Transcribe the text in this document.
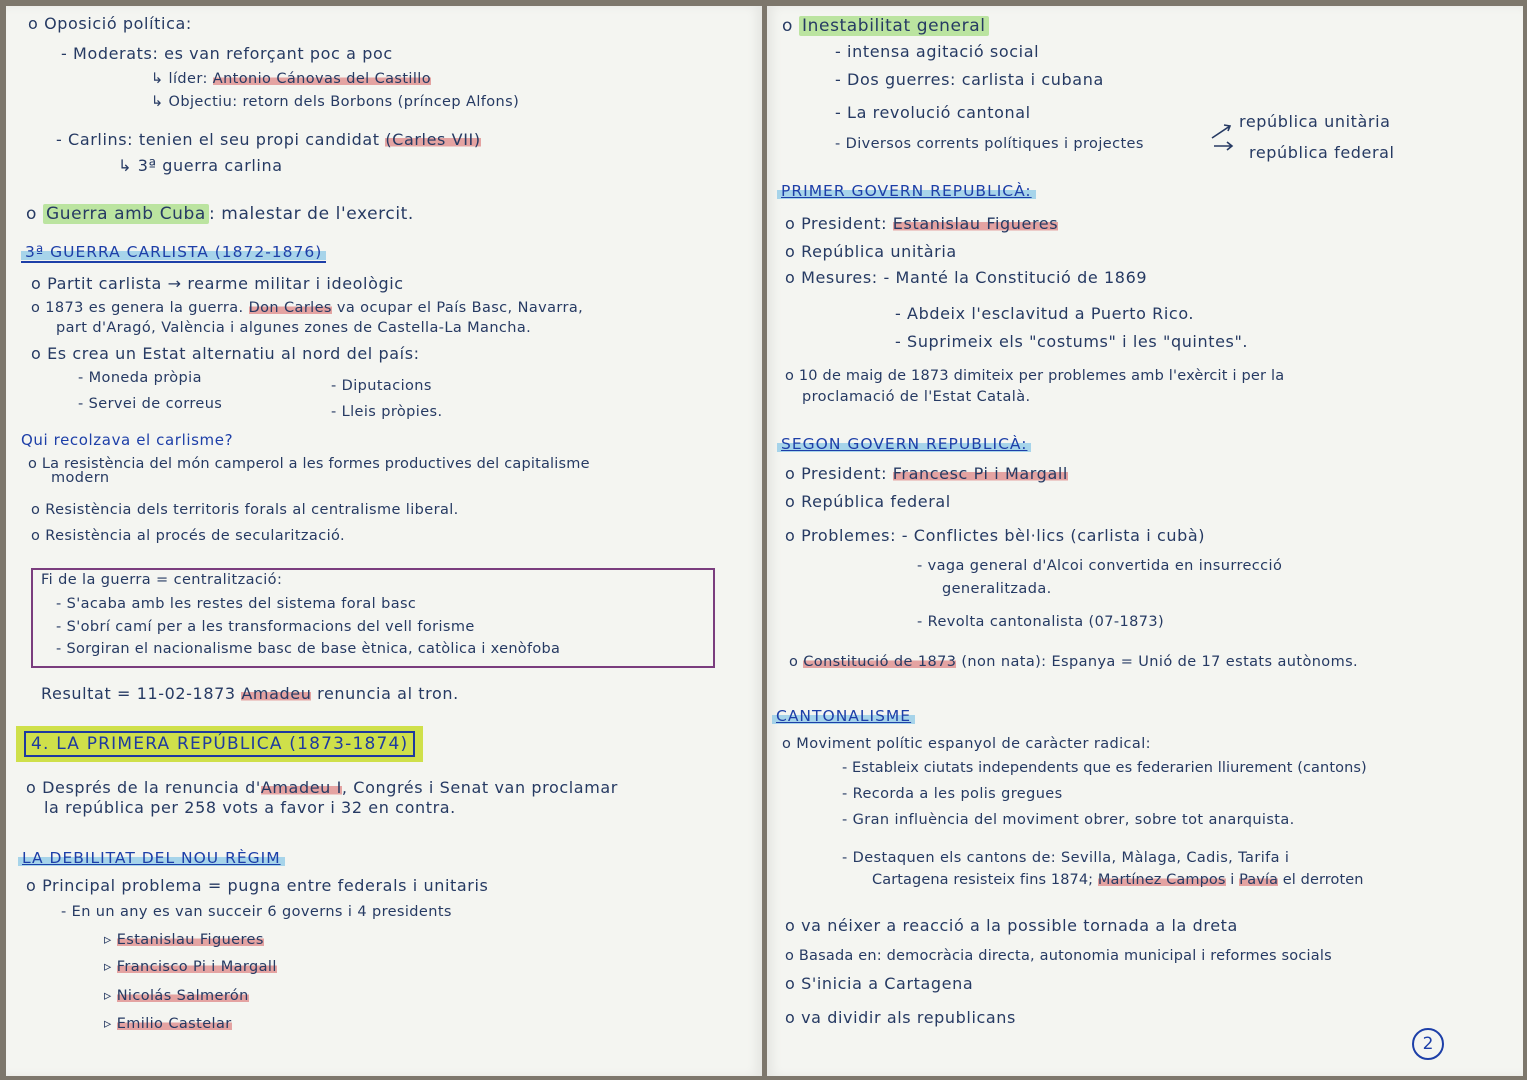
o Oposició política:
- Moderats: es van reforçant poc a poc
↳ líder: Antonio Cánovas del Castillo
↳ Objectiu: retorn dels Borbons (príncep Alfons)
- Carlins: tenien el seu propi candidat (Carles VII)
↳ 3ª guerra carlina
o Guerra amb Cuba : malestar de l'exercit.
3ª GUERRA CARLISTA (1872-1876)
o Partit carlista → rearme militar i ideològic
o 1873 es genera la guerra. Don Carles va ocupar el País Basc, Navarra,
part d'Aragó, València i algunes zones de Castella-La Mancha.
o Es crea un Estat alternatiu al nord del país:
- Moneda pròpia	- Diputacions
- Servei de correus	- Lleis pròpies.
Qui recolzava el carlisme?
o La resistència del món camperol a les formes productives del capitalisme
modern
o Resistència dels territoris forals al centralisme liberal.
o Resistència al procés de secularització.
Fi de la guerra = centralització:
- S'acaba amb les restes del sistema foral basc
- S'obrí camí per a les transformacions del vell forisme
- Sorgiran el nacionalisme basc de base ètnica, catòlica i xenòfoba
Resultat = 11-02-1873 Amadeu renuncia al tron.
4. LA PRIMERA REPÚBLICA (1873-1874)
o Després de la renuncia d'Amadeu I, Congrés i Senat van proclamar
la república per 258 vots a favor i 32 en contra.
LA DEBILITAT DEL NOU RÈGIM
o Principal problema = pugna entre federals i unitaris
- En un any es van succeir 6 governs i 4 presidents
▹ Estanislau Figueres
▹ Francisco Pi i Margall
▹ Nicolás Salmerón
▹ Emilio Castelar
o Inestabilitat general
- intensa agitació social
- Dos guerres: carlista i cubana
- La revolució cantonal
- Diversos corrents polítiques i projectes
república unitària
república federal
PRIMER GOVERN REPUBLICÀ:
o President: Estanislau Figueres
o República unitària
o Mesures: - Manté la Constitució de 1869
- Abdeix l'esclavitud a Puerto Rico.
- Suprimeix els "costums" i les "quintes".
o 10 de maig de 1873 dimiteix per problemes amb l'exèrcit i per la
proclamació de l'Estat Català.
SEGON GOVERN REPUBLICÀ:
o President: Francesc Pi i Margall
o República federal
o Problemes: - Conflictes bèl·lics (carlista i cubà)
- vaga general d'Alcoi convertida en insurrecció
generalitzada.
- Revolta cantonalista (07-1873)
o Constitució de 1873 (non nata): Espanya = Unió de 17 estats autònoms.
CANTONALISME
o Moviment polític espanyol de caràcter radical:
- Estableix ciutats independents que es federarien lliurement (cantons)
- Recorda a les polis gregues
- Gran influència del moviment obrer, sobre tot anarquista.
- Destaquen els cantons de: Sevilla, Màlaga, Cadis, Tarifa i
Cartagena resisteix fins 1874; Martínez Campos i Pavía el derroten
o va néixer a reacció a la possible tornada a la dreta
o Basada en: democràcia directa, autonomia municipal i reformes socials
o S'inicia a Cartagena
o va dividir als republicans
2
